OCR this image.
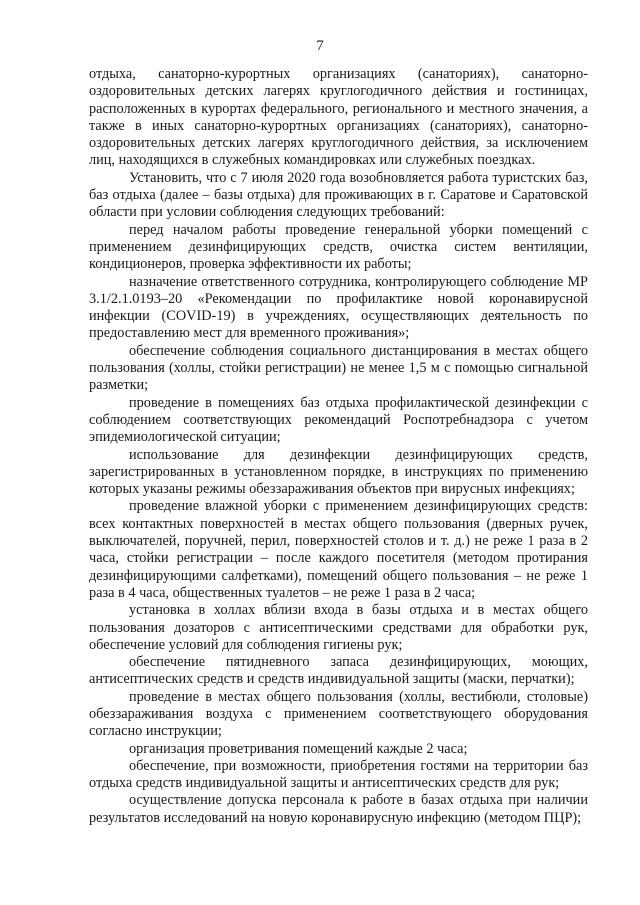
7

отдыха, санаторно-курортных организациях (санаториях), санаторно-оздоровительных детских лагерях круглогодичного действия и гостиницах, расположенных в курортах федерального, регионального и местного значения, а также в иных санаторно-курортных организациях (санаториях), санаторно-оздоровительных детских лагерях круглогодичного действия, за исключением лиц, находящихся в служебных командировках или служебных поездках.

Установить, что с 7 июля 2020 года возобновляется работа туристских баз, баз отдыха (далее – базы отдыха) для проживающих в г. Саратове и Саратовской области при условии соблюдения следующих требований:

перед началом работы проведение генеральной уборки помещений с применением дезинфицирующих средств, очистка систем вентиляции, кондиционеров, проверка эффективности их работы;

назначение ответственного сотрудника, контролирующего соблюдение МР 3.1/2.1.0193–20 «Рекомендации по профилактике новой коронавирусной инфекции (COVID-19) в учреждениях, осуществляющих деятельность по предоставлению мест для временного проживания»;

обеспечение соблюдения социального дистанцирования в местах общего пользования (холлы, стойки регистрации) не менее 1,5 м с помощью сигнальной разметки;

проведение в помещениях баз отдыха профилактической дезинфекции с соблюдением соответствующих рекомендаций Роспотребнадзора с учетом эпидемиологической ситуации;

использование для дезинфекции дезинфицирующих средств, зарегистрированных в установленном порядке, в инструкциях по применению которых указаны режимы обеззараживания объектов при вирусных инфекциях;

проведение влажной уборки с применением дезинфицирующих средств: всех контактных поверхностей в местах общего пользования (дверных ручек, выключателей, поручней, перил, поверхностей столов и т. д.) не реже 1 раза в 2 часа, стойки регистрации – после каждого посетителя (методом протирания дезинфицирующими салфетками), помещений общего пользования – не реже 1 раза в 4 часа, общественных туалетов – не реже 1 раза в 2 часа;

установка в холлах вблизи входа в базы отдыха и в местах общего пользования дозаторов с антисептическими средствами для обработки рук, обеспечение условий для соблюдения гигиены рук;

обеспечение пятидневного запаса дезинфицирующих, моющих, антисептических средств и средств индивидуальной защиты (маски, перчатки);

проведение в местах общего пользования (холлы, вестибюли, столовые) обеззараживания воздуха с применением соответствующего оборудования согласно инструкции;

организация проветривания помещений каждые 2 часа;

обеспечение, при возможности, приобретения гостями на территории баз отдыха средств индивидуальной защиты и антисептических средств для рук;

осуществление допуска персонала к работе в базах отдыха при наличии результатов исследований на новую коронавирусную инфекцию (методом ПЦР);
